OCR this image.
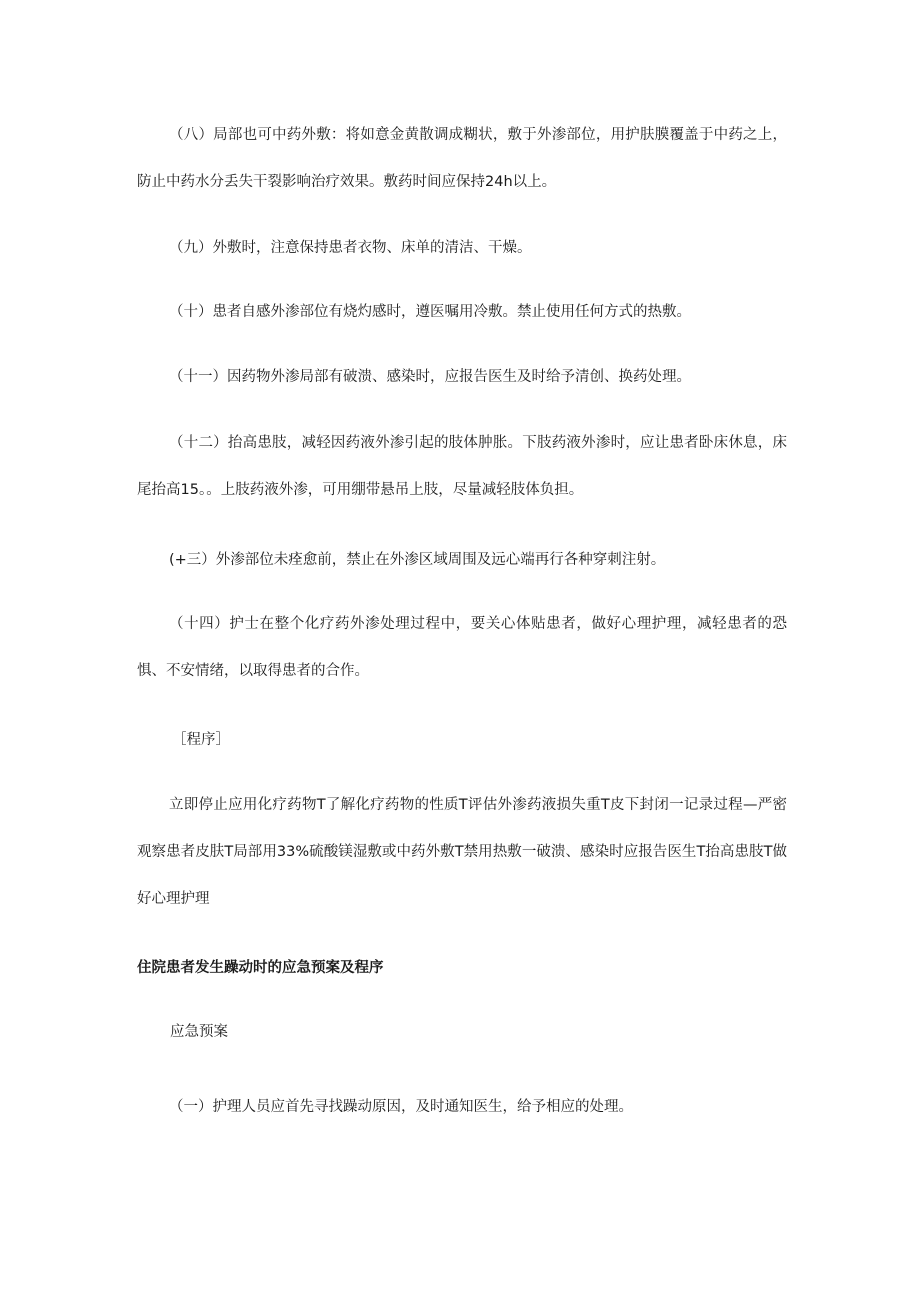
（八）局部也可中药外敷：将如意金黄散调成糊状，敷于外渗部位，用护肤膜覆盖于中药之上，防止中药水分丢失干裂影响治疗效果。敷药时间应保持24h以上。

（九）外敷时，注意保持患者衣物、床单的清洁、干燥。

（十）患者自感外渗部位有烧灼感时，遵医嘱用冷敷。禁止使用任何方式的热敷。

（十一）因药物外渗局部有破溃、感染时，应报告医生及时给予清创、换药处理。

（十二）抬高患肢，减轻因药液外渗引起的肢体肿胀。下肢药液外渗时，应让患者卧床休息，床尾抬高15。。上肢药液外渗，可用绷带悬吊上肢，尽量减轻肢体负担。

(+三）外渗部位未痊愈前，禁止在外渗区域周围及远心端再行各种穿刺注射。

（十四）护士在整个化疗药外渗处理过程中，要关心体贴患者，做好心理护理，减轻患者的恐惧、不安情绪，以取得患者的合作。

［程序］

立即停止应用化疗药物T了解化疗药物的性质T评估外渗药液损失重T皮下封闭一记录过程—严密观察患者皮肤T局部用33%硫酸镁湿敷或中药外敷T禁用热敷一破溃、感染时应报告医生T抬高患肢T做好心理护理

住院患者发生躁动时的应急预案及程序

应急预案

（一）护理人员应首先寻找躁动原因，及时通知医生，给予相应的处理。
